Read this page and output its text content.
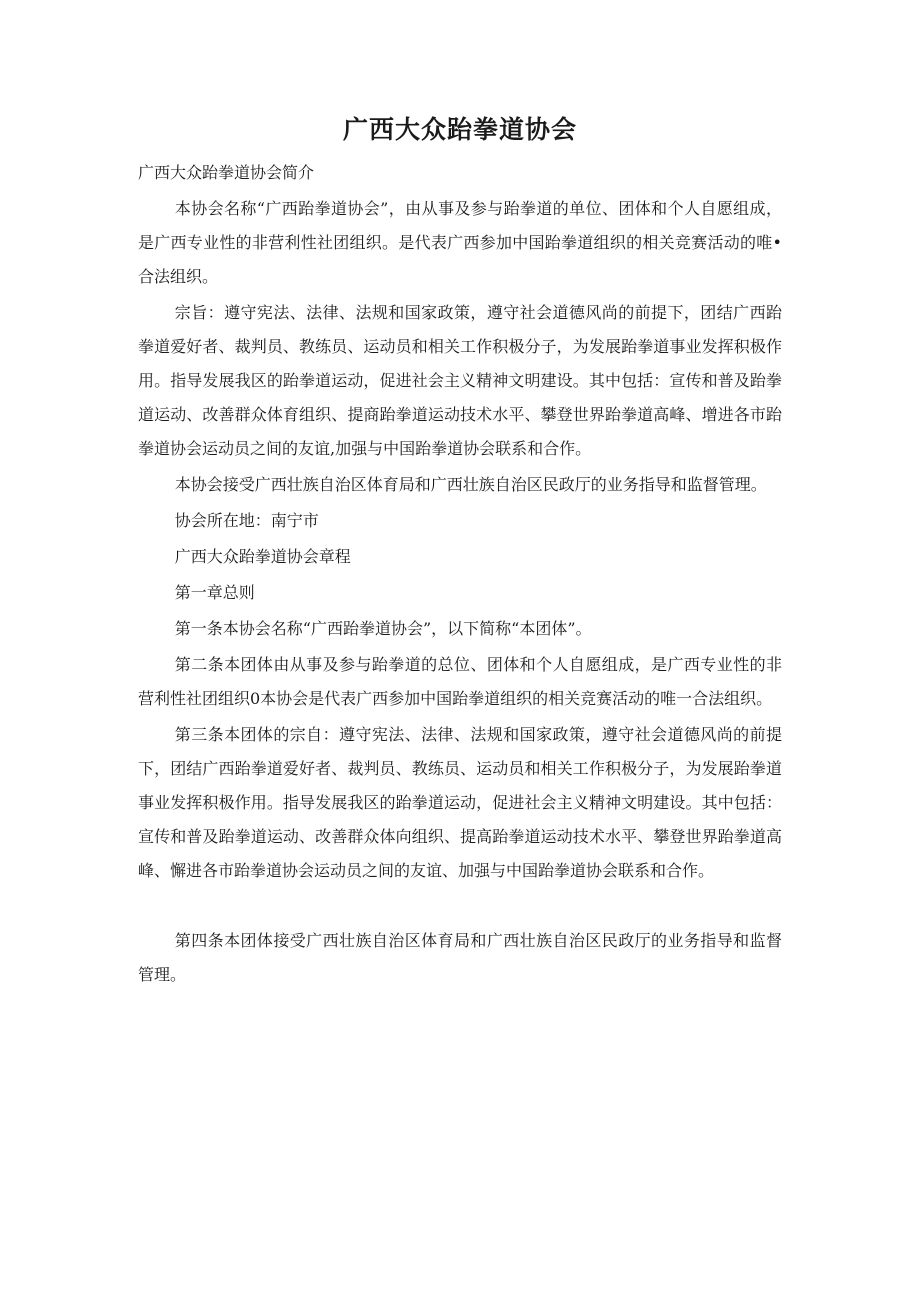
广西大众跆拳道协会

广西大众跆拳道协会简介

本协会名称“广西跆拳道协会”，由从事及参与跆拳道的单位、团体和个人自愿组成，是广西专业性的非营利性社团组织。是代表广西参加中国跆拳道组织的相关竞赛活动的唯•合法组织。

宗旨：遵守宪法、法律、法规和国家政策，遵守社会道德风尚的前提下，团结广西跆拳道爱好者、裁判员、教练员、运动员和相关工作积极分子，为发展跆拳道事业发挥积极作用。指导发展我区的跆拳道运动，促进社会主义精神文明建设。其中包括：宣传和普及跆拳道运动、改善群众体育组织、提商跆拳道运动技术水平、攀登世界跆拳道高峰、增进各市跆拳道协会运动员之间的友谊,加强与中国跆拳道协会联系和合作。

本协会接受广西壮族自治区体育局和广西壮族自治区民政厅的业务指导和监督管理。

协会所在地：南宁市

广西大众跆拳道协会章程

第一章总则

第一条本协会名称“广西跆拳道协会”，以下简称“本团体”。

第二条本团体由从事及参与跆拳道的总位、团体和个人自愿组成，是广西专业性的非营利性社团组织0本协会是代表广西参加中国跆拳道组织的相关竞赛活动的唯一合法组织。

第三条本团体的宗自：遵守宪法、法律、法规和国家政策，遵守社会道德风尚的前提下，团结广西跆拳道爱好者、裁判员、教练员、运动员和相关工作积极分子，为发展跆拳道事业发挥积极作用。指导发展我区的跆拳道运动，促进社会主义精神文明建设。其中包括：宣传和普及跆拳道运动、改善群众体向组织、提高跆拳道运动技术水平、攀登世界跆拳道高峰、懈进各市跆拳道协会运动员之间的友谊、加强与中国跆拳道协会联系和合作。

第四条本团体接受广西壮族自治区体育局和广西壮族自治区民政厅的业务指导和监督管理。
